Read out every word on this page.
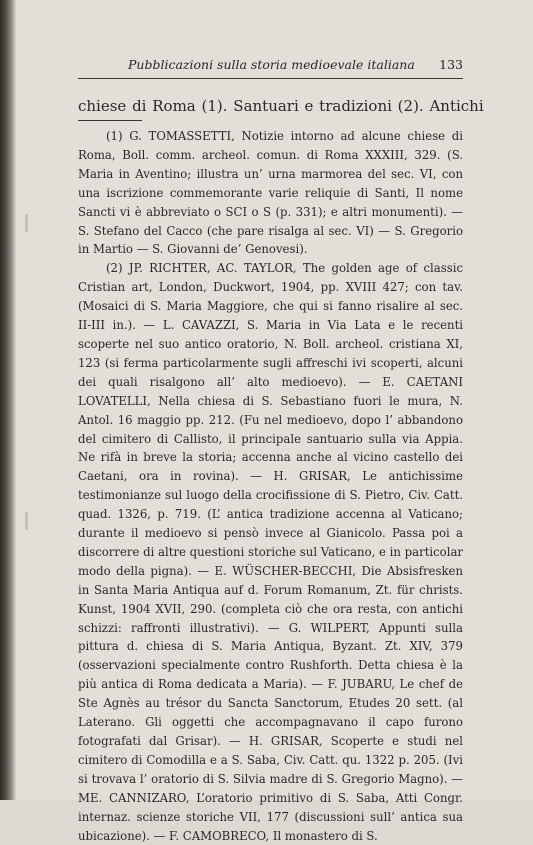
Pubblicazioni sulla storia medioevale italiana 133
chiese di Roma (1). Santuari e tradizioni (2). Antichi

(1) G. TOMASSETTI, Notizie intorno ad alcune chiese di Roma, Boll. comm. archeol. comun. di Roma XXXIII, 329. (S. Maria in Aventino; illustra un’ urna marmorea del sec. VI, con una iscrizione commemorante varie reliquie di Santi, Il nome Sancti vi è abbreviato o SCI o S (p. 331); e altri monumenti). — S. Stefano del Cacco (che pare risalga al sec. VI) — S. Gregorio in Martio — S. Giovanni de’ Genovesi).

(2) JP. RICHTER, AC. TAYLOR, The golden age of classic Cristian art, London, Duckwort, 1904, pp. XVIII 427; con tav. (Mosaici di S. Maria Maggiore, che qui si fanno risalire al sec. II-III in.). — L. CAVAZZI, S. Maria in Via Lata e le recenti scoperte nel suo antico oratorio, N. Boll. archeol. cristiana XI, 123 (si ferma particolarmente sugli affreschi ivi scoperti, alcuni dei quali risalgono all’ alto medioevo). — E. CAETANI LOVATELLI, Nella chiesa di S. Sebastiano fuori le mura, N. Antol. 16 maggio pp. 212. (Fu nel medioevo, dopo l’ abbandono del cimitero di Callisto, il principale santuario sulla via Appia. Ne rifà in breve la storia; accenna anche al vicino castello dei Caetani, ora in rovina). — H. GRISAR, Le antichissime testimonianze sul luogo della crocifissione di S. Pietro, Civ. Catt. quad. 1326, p. 719. (L’ antica tradizione accenna al Vaticano; durante il medioevo si pensò invece al Gianicolo. Passa poi a discorrere di altre questioni storiche sul Vaticano, e in particolar modo della pigna). — E. WÜSCHER-BECCHI, Die Absisfresken in Santa Maria Antiqua auf d. Forum Romanum, Zt. für christs. Kunst, 1904 XVII, 290. (completa ciò che ora resta, con antichi schizzi: raffronti illustrativi). — G. WILPERT, Appunti sulla pittura d. chiesa di S. Maria Antiqua, Byzant. Zt. XIV, 379 (osservazioni specialmente contro Rushforth. Detta chiesa è la più antica di Roma dedicata a Maria). — F. JUBARU, Le chef de Ste Agnès au trésor du Sancta Sanctorum, Etudes 20 sett. (al Laterano. Gli oggetti che accompagnavano il capo furono fotografati dal Grisar). — H. GRISAR, Scoperte e studi nel cimitero di Comodilla e a S. Saba, Civ. Catt. qu. 1322 p. 205. (Ivi si trovava l’ oratorio di S. Silvia madre di S. Gregorio Magno). — ME. CANNIZARO, L’oratorio primitivo di S. Saba, Atti Congr. internaz. scienze storiche VII, 177 (discussioni sull’ antica sua ubicazione). — F. CAMOBRECO, Il monastero di S.
